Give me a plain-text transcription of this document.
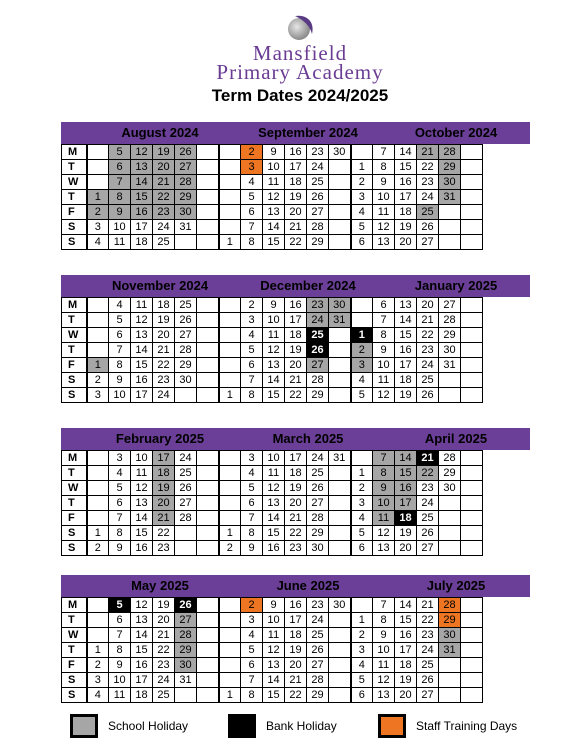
Mansfield
Primary Academy
Term Dates 2024/2025
August 2024	September 2024	October 2024
M		5	12	19	26			2	9	16	23	30		7	14	21	28	
T		6	13	20	27			3	10	17	24		1	8	15	22	29	
W		7	14	21	28			4	11	18	25		2	9	16	23	30	
T	1	8	15	22	29			5	12	19	26		3	10	17	24	31	
F	2	9	16	23	30			6	13	20	27		4	11	18	25		
S	3	10	17	24	31			7	14	21	28		5	12	19	26		
S	4	11	18	25			1	8	15	22	29		6	13	20	27		
November 2024	December 2024	January 2025
M		4	11	18	25			2	9	16	23	30		6	13	20	27	
T		5	12	19	26			3	10	17	24	31		7	14	21	28	
W		6	13	20	27			4	11	18	25		1	8	15	22	29	
T		7	14	21	28			5	12	19	26		2	9	16	23	30	
F	1	8	15	22	29			6	13	20	27		3	10	17	24	31	
S	2	9	16	23	30			7	14	21	28		4	11	18	25		
S	3	10	17	24			1	8	15	22	29		5	12	19	26		
February 2025	March 2025	April 2025
M		3	10	17	24			3	10	17	24	31		7	14	21	28	
T		4	11	18	25			4	11	18	25		1	8	15	22	29	
W		5	12	19	26			5	12	19	26		2	9	16	23	30	
T		6	13	20	27			6	13	20	27		3	10	17	24		
F		7	14	21	28			7	14	21	28		4	11	18	25		
S	1	8	15	22			1	8	15	22	29		5	12	19	26		
S	2	9	16	23			2	9	16	23	30		6	13	20	27		
May 2025	June 2025	July 2025
M		5	12	19	26			2	9	16	23	30		7	14	21	28	
T		6	13	20	27			3	10	17	24		1	8	15	22	29	
W		7	14	21	28			4	11	18	25		2	9	16	23	30	
T	1	8	15	22	29			5	12	19	26		3	10	17	24	31	
F	2	9	16	23	30			6	13	20	27		4	11	18	25		
S	3	10	17	24	31			7	14	21	28		5	12	19	26		
S	4	11	18	25			1	8	15	22	29		6	13	20	27		
School Holiday	Bank Holiday	Staff Training Days
